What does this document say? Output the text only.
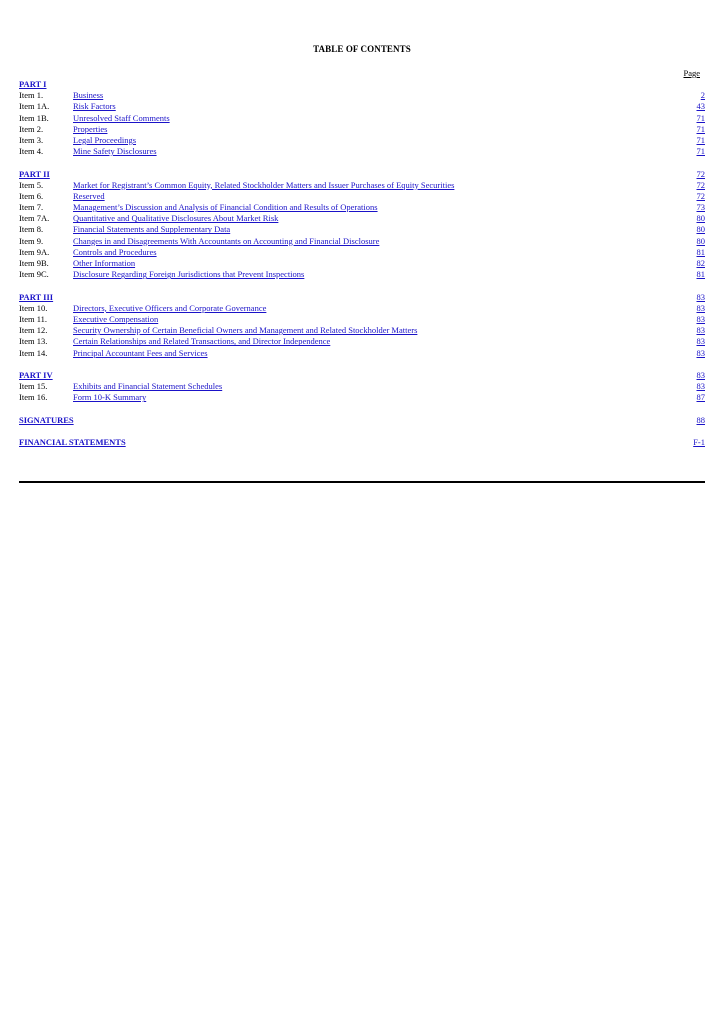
TABLE OF CONTENTS
Page
PART I
Item 1.	Business	2
Item 1A.	Risk Factors	43
Item 1B.	Unresolved Staff Comments	71
Item 2.	Properties	71
Item 3.	Legal Proceedings	71
Item 4.	Mine Safety Disclosures	71
PART II	72
Item 5.	Market for Registrant’s Common Equity, Related Stockholder Matters and Issuer Purchases of Equity Securities	72
Item 6.	Reserved	72
Item 7.	Management’s Discussion and Analysis of Financial Condition and Results of Operations	73
Item 7A.	Quantitative and Qualitative Disclosures About Market Risk	80
Item 8.	Financial Statements and Supplementary Data	80
Item 9.	Changes in and Disagreements With Accountants on Accounting and Financial Disclosure	80
Item 9A.	Controls and Procedures	81
Item 9B.	Other Information	82
Item 9C.	Disclosure Regarding Foreign Jurisdictions that Prevent Inspections	81
PART III	83
Item 10.	Directors, Executive Officers and Corporate Governance	83
Item 11.	Executive Compensation	83
Item 12.	Security Ownership of Certain Beneficial Owners and Management and Related Stockholder Matters	83
Item 13.	Certain Relationships and Related Transactions, and Director Independence	83
Item 14.	Principal Accountant Fees and Services	83
PART IV	83
Item 15.	Exhibits and Financial Statement Schedules	83
Item 16.	Form 10-K Summary	87
SIGNATURES	88
FINANCIAL STATEMENTS	F-1
